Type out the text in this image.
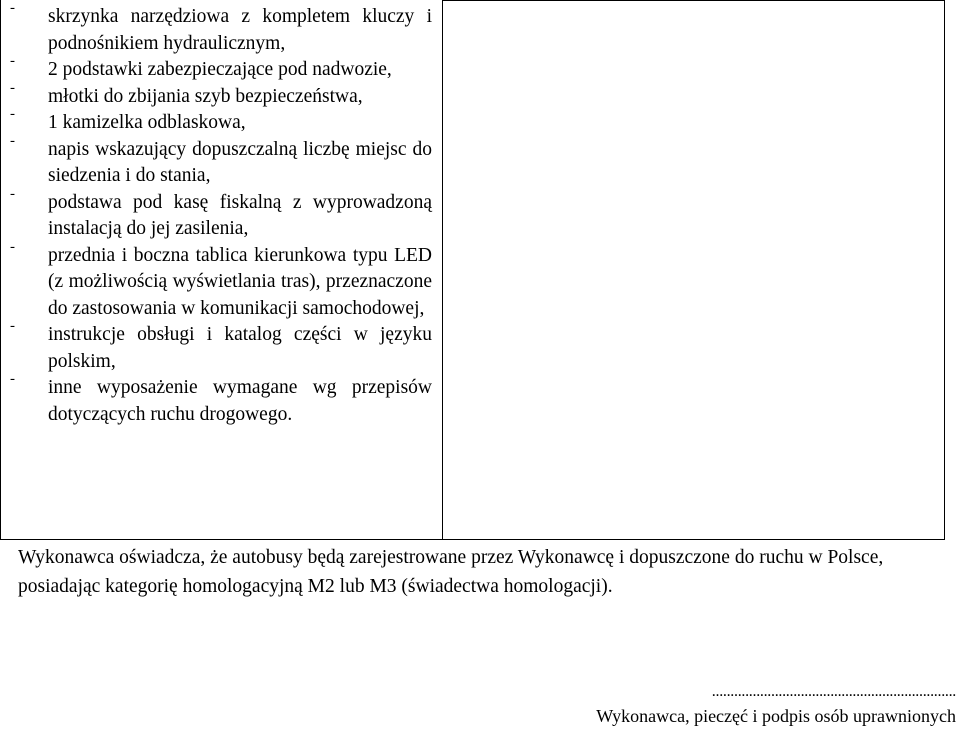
- skrzynka narzędziowa z kompletem kluczy i podnośnikiem hydraulicznym,
- 2 podstawki zabezpieczające pod nadwozie,
- młotki do zbijania szyb bezpieczeństwa,
- 1 kamizelka odblaskowa,
- napis wskazujący dopuszczalną liczbę miejsc do siedzenia i do stania,
- podstawa pod kasę fiskalną z wyprowadzoną instalacją do jej zasilenia,
- przednia i boczna tablica kierunkowa typu LED (z możliwością wyświetlania tras), przeznaczone do zastosowania w komunikacji samochodowej,
- instrukcje obsługi i katalog części w języku polskim,
- inne wyposażenie wymagane wg przepisów dotyczących ruchu drogowego.

Wykonawca oświadcza, że autobusy będą zarejestrowane przez Wykonawcę i dopuszczone do ruchu w Polsce, posiadając kategorię homologacyjną M2 lub M3 (świadectwa homologacji).

..................................................................
Wykonawca, pieczęć i podpis osób uprawnionych
